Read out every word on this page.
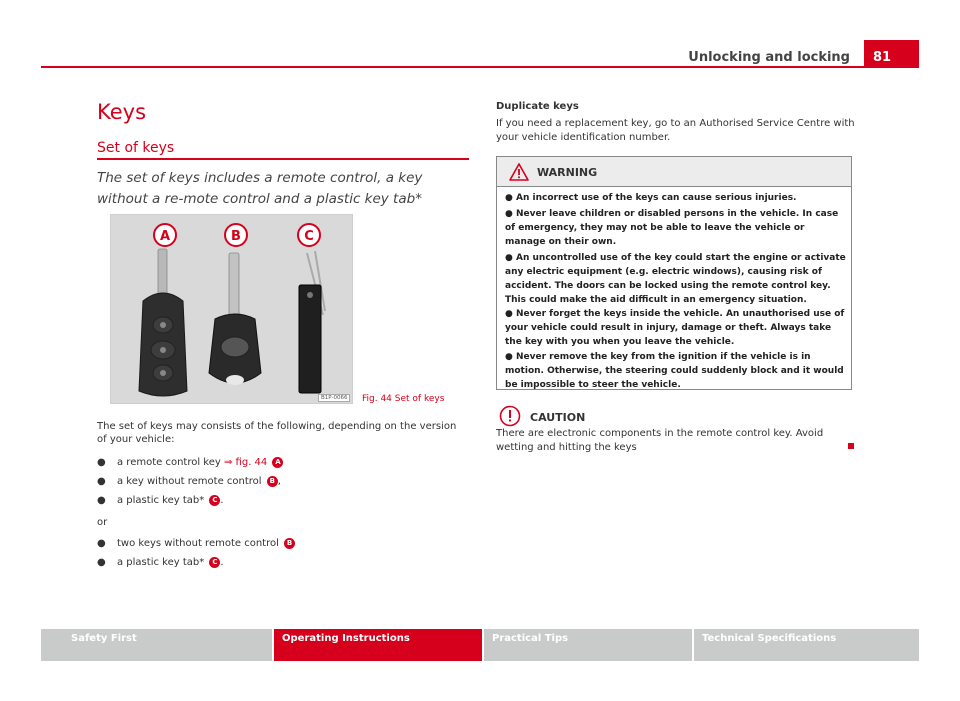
Unlocking and locking	81
Keys
Set of keys
The set of keys includes a remote control, a key without a re-mote control and a plastic key tab*
A	B	C
B1P-0066	Fig. 44 Set of keys
The set of keys may consists of the following, depending on the version of your vehicle:
● a remote control key ⇒ fig. 44 A
● a key without remote control B ,
● a plastic key tab* C .
or
● two keys without remote control B
● a plastic key tab* C .
Duplicate keys
If you need a replacement key, go to an Authorised Service Centre with your vehicle identification number.
WARNING
● An incorrect use of the keys can cause serious injuries.
● Never leave children or disabled persons in the vehicle. In case of emergency, they may not be able to leave the vehicle or manage on their own.
● An uncontrolled use of the key could start the engine or activate any electric equipment (e.g. electric windows), causing risk of accident. The doors can be locked using the remote control key. This could make the aid difficult in an emergency situation.
● Never forget the keys inside the vehicle. An unauthorised use of your vehicle could result in injury, damage or theft. Always take the key with you when you leave the vehicle.
● Never remove the key from the ignition if the vehicle is in motion. Otherwise, the steering could suddenly block and it would be impossible to steer the vehicle.
CAUTION
There are electronic components in the remote control key. Avoid wetting and hitting the keys
Safety First	Operating Instructions	Practical Tips	Technical Specifications
